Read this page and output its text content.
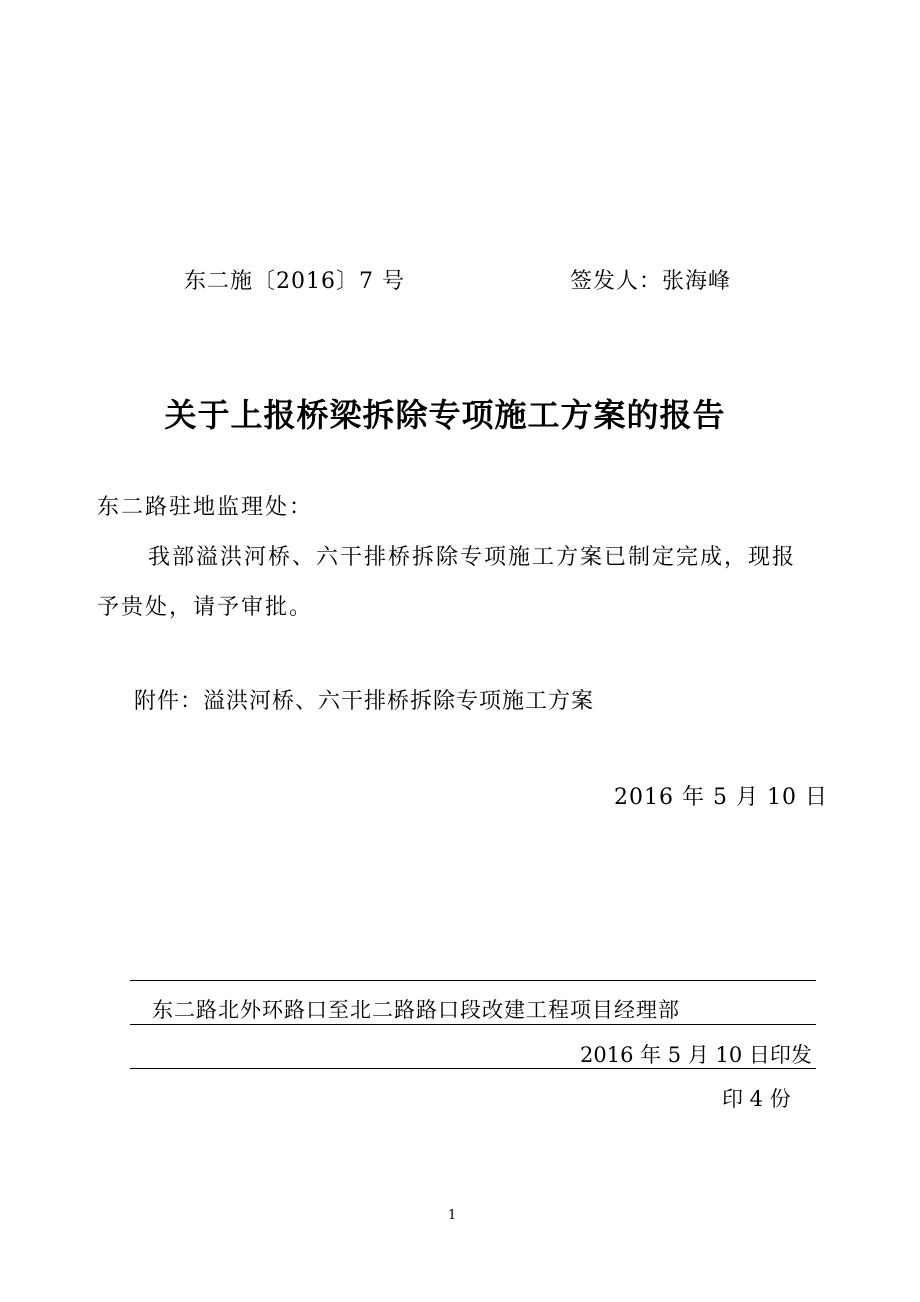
东二施〔2016〕7 号	签发人：张海峰
关于上报桥梁拆除专项施工方案的报告
东二路驻地监理处：
我部溢洪河桥、六干排桥拆除专项施工方案已制定完成，现报
予贵处，请予审批。
附件：溢洪河桥、六干排桥拆除专项施工方案
2016 年 5 月 10 日
东二路北外环路口至北二路路口段改建工程项目经理部
2016 年 5 月 10 日印发
印 4 份
1
